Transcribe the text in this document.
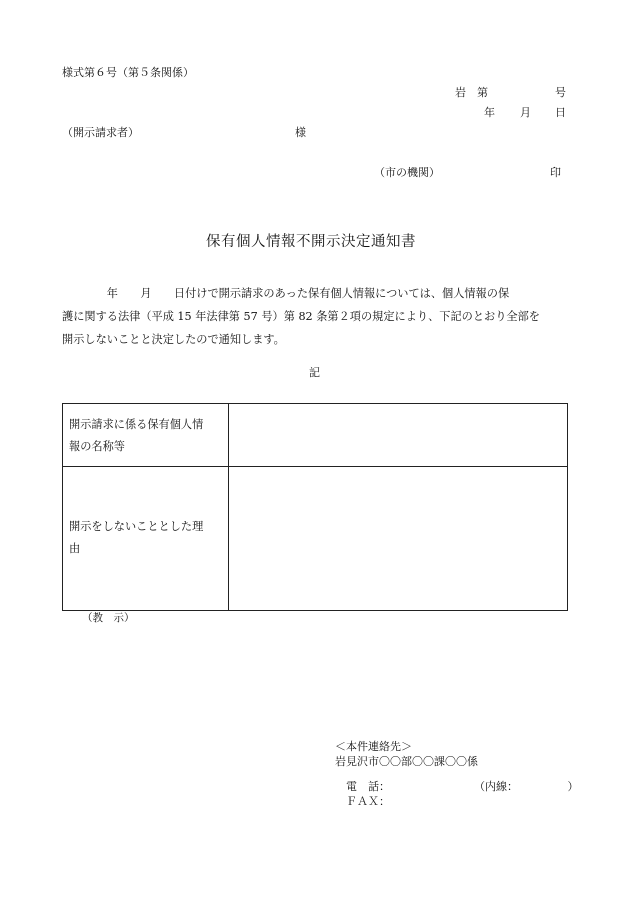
様式第６号（第５条関係）
岩　第	号
年 月 日
（開示請求者）	様
（市の機関）	印
保有個人情報不開示決定通知書
　　　　年　　月　　日付けで開示請求のあった保有個人情報については、個人情報の保
護に関する法律（平成 15 年法律第 57 号）第 82 条第２項の規定により、下記のとおり全部を
開示しないことと決定したので通知します。
記
開示請求に係る保有個人情
報の名称等
開示をしないこととした理
由
（教　示）
＜本件連絡先＞
岩見沢市〇〇部〇〇課〇〇係
電　話：	（内線：　　　　　）
ＦＡＸ：
